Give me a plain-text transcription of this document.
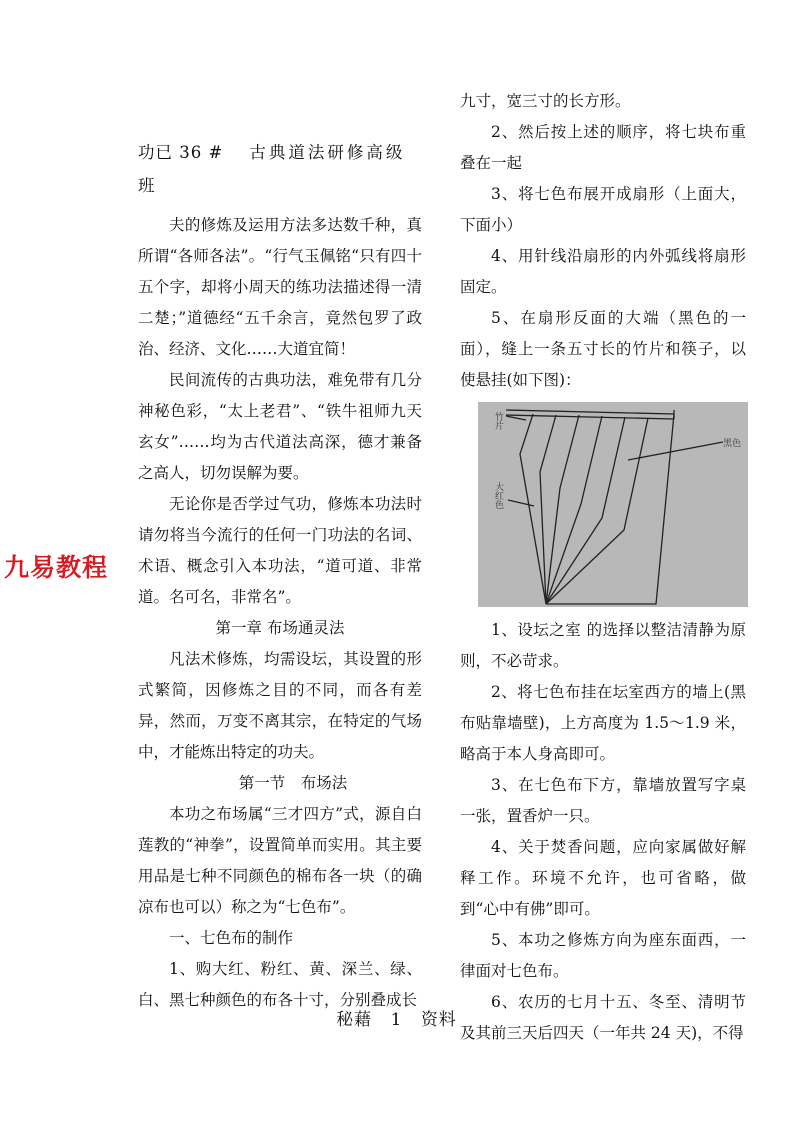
九易教程
功已 36 # 古典道法研修高级
班

夫的修炼及运用方法多达数千种，真所谓“各师各法”。“行气玉佩铭“只有四十五个字，却将小周天的练功法描述得一清二楚；”道德经“五千余言，竟然包罗了政治、经济、文化……大道宜简！

民间流传的古典功法，难免带有几分神秘色彩，“太上老君”、“铁牛祖师九天玄女”……均为古代道法高深，德才兼备之高人，切勿误解为要。

无论你是否学过气功，修炼本功法时请勿将当今流行的任何一门功法的名词、术语、概念引入本功法，“道可道、非常道。名可名，非常名”。

第一章 布场通灵法

凡法术修炼，均需设坛，其设置的形式繁简，因修炼之目的不同，而各有差异，然而，万变不离其宗，在特定的气场中，才能炼出特定的功夫。

第一节　布场法

本功之布场属“三才四方”式，源自白莲教的“神拳”，设置简单而实用。其主要用品是七种不同颜色的棉布各一块（的确凉布也可以）称之为“七色布”。

一、七色布的制作

1、购大红、粉红、黄、深兰、绿、白、黑七种颜色的布各十寸，分别叠成长

九寸，宽三寸的长方形。

2、然后按上述的顺序，将七块布重叠在一起

3、将七色布展开成扇形（上面大，下面小）

4、用针线沿扇形的内外弧线将扇形固定。

5、在扇形反面的大端（黑色的一面），缝上一条五寸长的竹片和筷子，以使悬挂(如下图)：

竹片
大红色
黑色

1、设坛之室 的选择以整洁清静为原则，不必苛求。

2、将七色布挂在坛室西方的墙上(黑布贴靠墙壁)，上方高度为 1.5～1.9 米，略高于本人身高即可。

3、在七色布下方，靠墙放置写字桌一张，置香炉一只。

4、关于焚香问题，应向家属做好解释工作。环境不允许，也可省略，做到“心中有佛”即可。

5、本功之修炼方向为座东面西，一律面对七色布。

6、农历的七月十五、冬至、清明节及其前三天后四天（一年共 24 天)，不得

秘藉 1 资料
